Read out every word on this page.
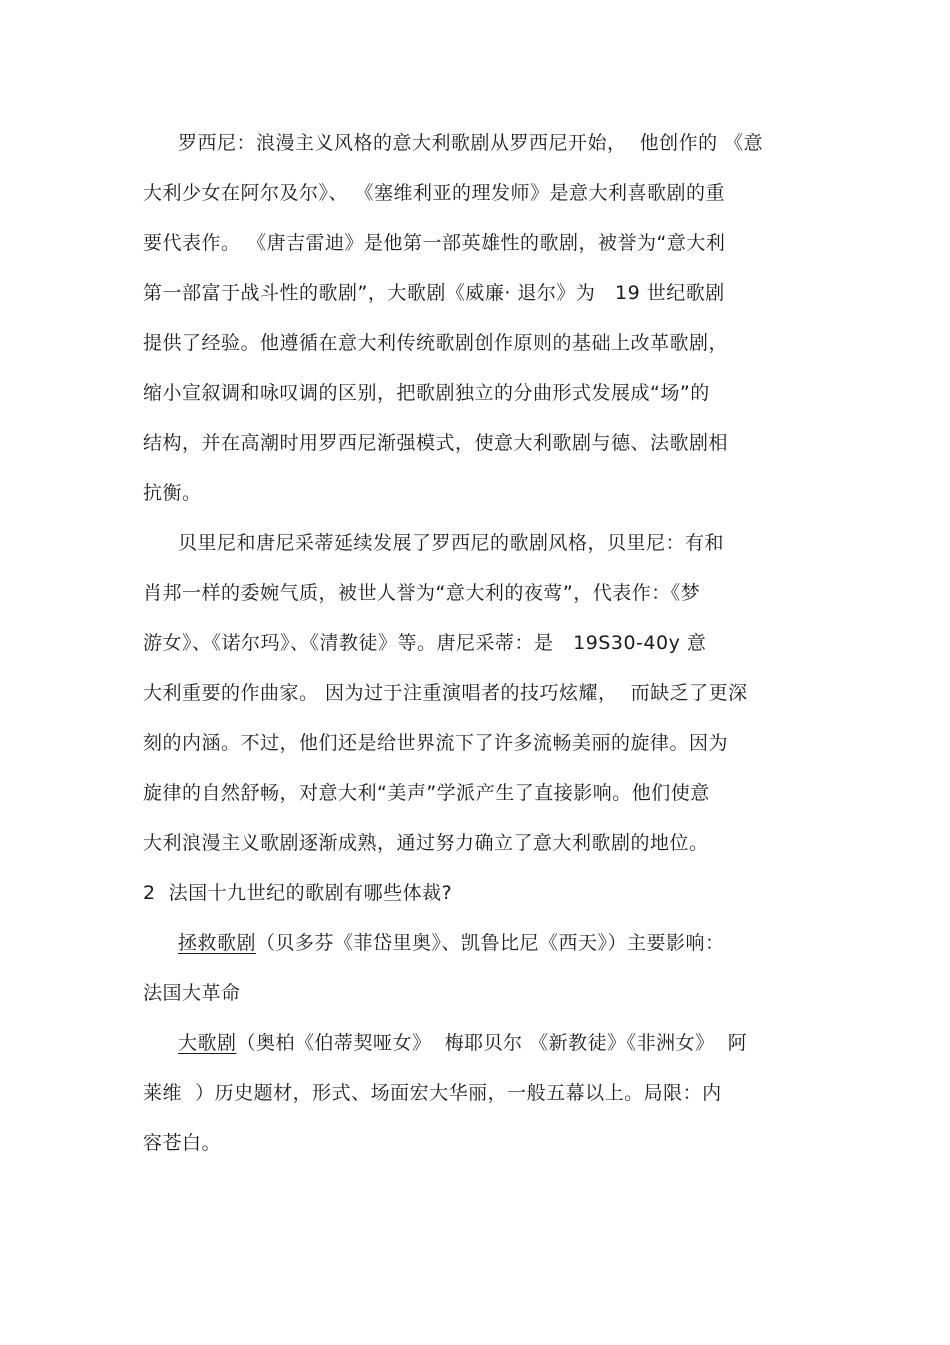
罗西尼：浪漫主义风格的意大利歌剧从罗西尼开始，  他创作的 《意
大利少女在阿尔及尔》、 《塞维利亚的理发师》是意大利喜歌剧的重
要代表作。 《唐吉雷迪》是他第一部英雄性的歌剧，被誉为“意大利
第一部富于战斗性的歌剧”，大歌剧《威廉· 退尔》为   19 世纪歌剧
提供了经验。他遵循在意大利传统歌剧创作原则的基础上改革歌剧，
缩小宣叙调和咏叹调的区别，把歌剧独立的分曲形式发展成“场”的
结构，并在高潮时用罗西尼渐强模式，使意大利歌剧与德、法歌剧相
抗衡。
贝里尼和唐尼采蒂延续发展了罗西尼的歌剧风格，贝里尼：有和
肖邦一样的委婉气质，被世人誉为“意大利的夜莺”，代表作：《梦
游女》、《诺尔玛》、《清教徒》等。唐尼采蒂：是   19S30-40y 意
大利重要的作曲家。 因为过于注重演唱者的技巧炫耀，  而缺乏了更深
刻的内涵。不过，他们还是给世界流下了许多流畅美丽的旋律。因为
旋律的自然舒畅，对意大利“美声”学派产生了直接影响。他们使意
大利浪漫主义歌剧逐渐成熟，通过努力确立了意大利歌剧的地位。
2  法国十九世纪的歌剧有哪些体裁?
拯救歌剧（贝多芬《菲岱里奥》、凯鲁比尼《西天》）主要影响：
法国大革命
大歌剧（奥柏《伯蒂契哑女》  梅耶贝尔 《新教徒》《非洲女》  阿
莱维  ）历史题材，形式、场面宏大华丽，一般五幕以上。局限：内
容苍白。
